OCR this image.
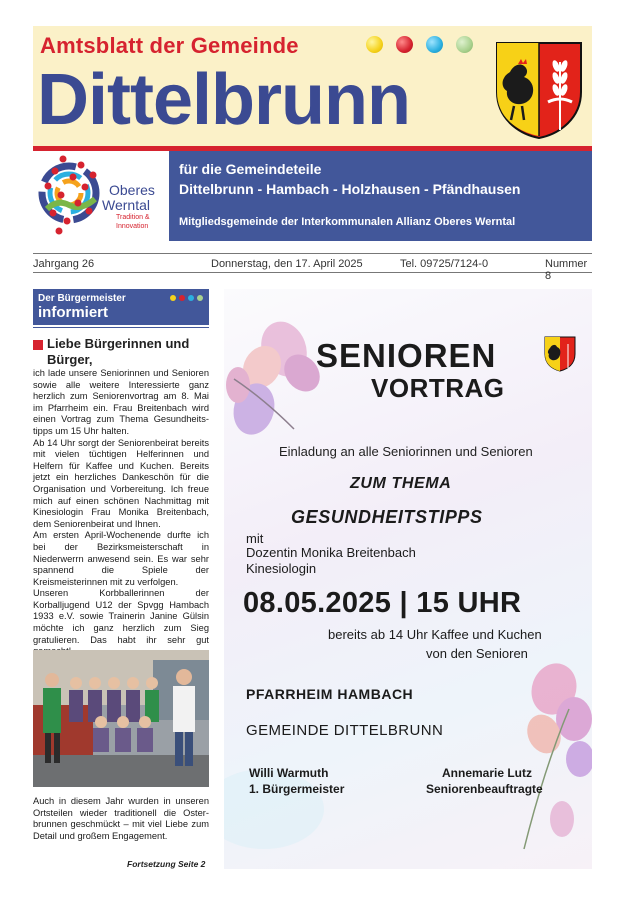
Amtsblatt der Gemeinde
Dittelbrunn
Oberes
Werntal
Tradition & Innovation
für die Gemeindeteile
Dittelbrunn - Hambach - Holzhausen - Pfändhausen
Mitgliedsgemeinde der Interkommunalen Allianz Oberes Werntal
Jahrgang 26	Donnerstag, den 17. April 2025	Tel. 09725/7124-0	Nummer 8
Der Bürgermeister
informiert
Liebe Bürgerinnen und Bürger,
ich lade unsere Seniorinnen und Senioren sowie alle weitere Interessierte ganz herzlich zum Seniorenvortrag am 8. Mai im Pfarrheim ein. Frau Breitenbach wird einen Vortrag zum Thema Gesundheits-tipps um 15 Uhr halten.
Ab 14 Uhr sorgt der Seniorenbeirat bereits mit vielen tüchtigen Helferinnen und Helfern für Kaffee und Kuchen. Bereits jetzt ein herzliches Dankeschön für die Organisation und Vorbereitung. Ich freue mich auf einen schönen Nachmittag mit Kinesiologin Frau Monika Breitenbach, dem Seniorenbeirat und Ihnen.
Am ersten April-Wochenende durfte ich bei der Bezirksmeisterschaft in Niederwerrn anwesend sein. Es war sehr spannend die Spiele der Kreismeisterinnen mit zu verfolgen.
Unseren Korbballerinnen der Korballjugend U12 der Spvgg Hambach 1933 e.V. sowie Trainerin Janine Gülsin möchte ich ganz herzlich zum Sieg gratulieren. Das habt ihr sehr gut
Auch in diesem Jahr wurden in unseren Ortsteilen wieder traditionell die Oster-brunnen geschmückt – mit viel Liebe zum Detail und großem Engagement.
Fortsetzung Seite 2
SENIOREN
VORTRAG
Einladung an alle Seniorinnen und Senioren
ZUM THEMA
GESUNDHEITSTIPPS
mit
Dozentin Monika Breitenbach
Kinesiologin
08.05.2025 | 15 UHR
bereits ab 14 Uhr Kaffee und Kuchen
von den Senioren
PFARRHEIM HAMBACH
GEMEINDE DITTELBRUNN
Willi Warmuth
1. Bürgermeister
Annemarie Lutz
Seniorenbeauftragte
